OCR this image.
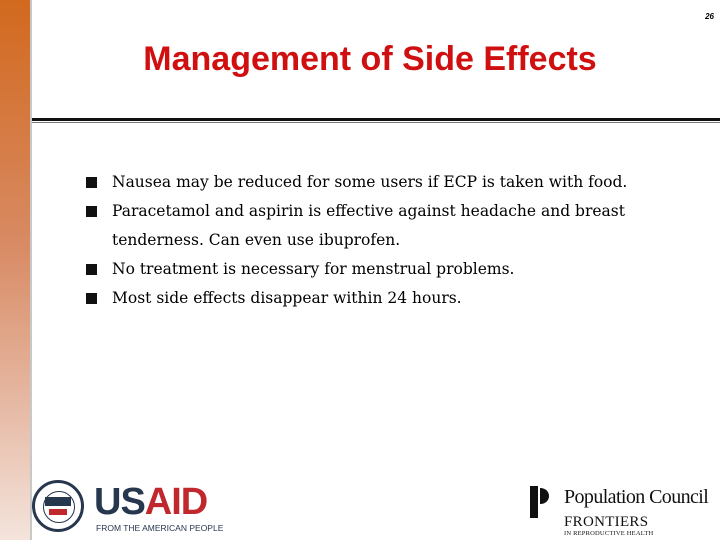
26
Management of Side Effects
Nausea may be reduced for some users if ECP is taken with food.
Paracetamol and aspirin is effective against headache and breast tenderness. Can even use ibuprofen.
No treatment is necessary for menstrual problems.
Most side effects disappear within 24 hours.
USAID
FROM THE AMERICAN PEOPLE
Population Council
FRONTIERS
IN REPRODUCTIVE HEALTH
